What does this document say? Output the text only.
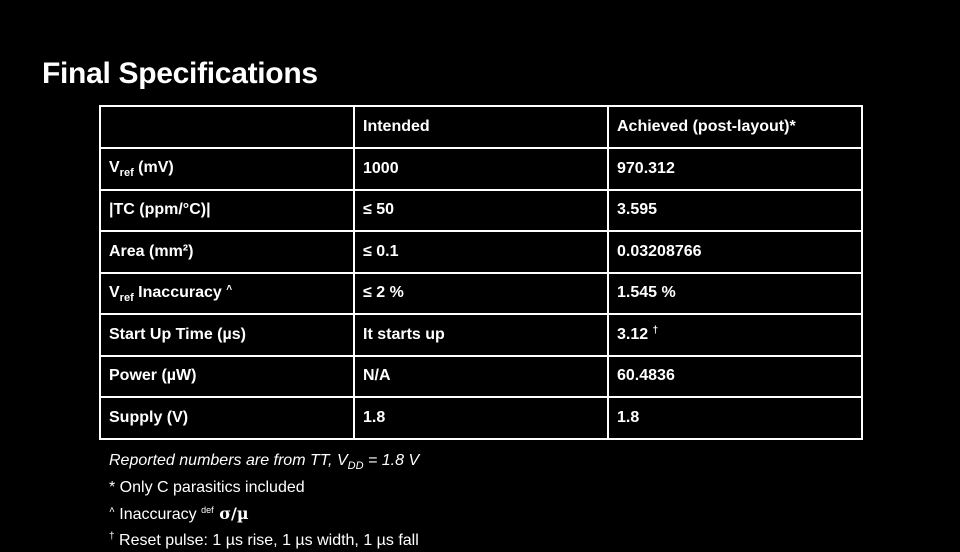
Final Specifications
	Intended	Achieved (post-layout)*
$V_{ref}$ (mV)	1000	970.312
|TC (ppm/°C)|	≤ 50	3.595
Area (mm²)	≤ 0.1	0.03208766
$V_{ref}$ Inaccuracy ˄	≤ 2 %	1.545 %
Start Up Time (µs)	It starts up	3.12 †
Power (µW)	N/A	60.4836
Supply (V)	1.8	1.8
Reported numbers are from TT, $V_{DD} = 1.8$ V
* Only C parasitics included
˄ Inaccuracy $^{def}$ σ/µ
† Reset pulse: 1 µs rise, 1 µs width, 1 µs fall
